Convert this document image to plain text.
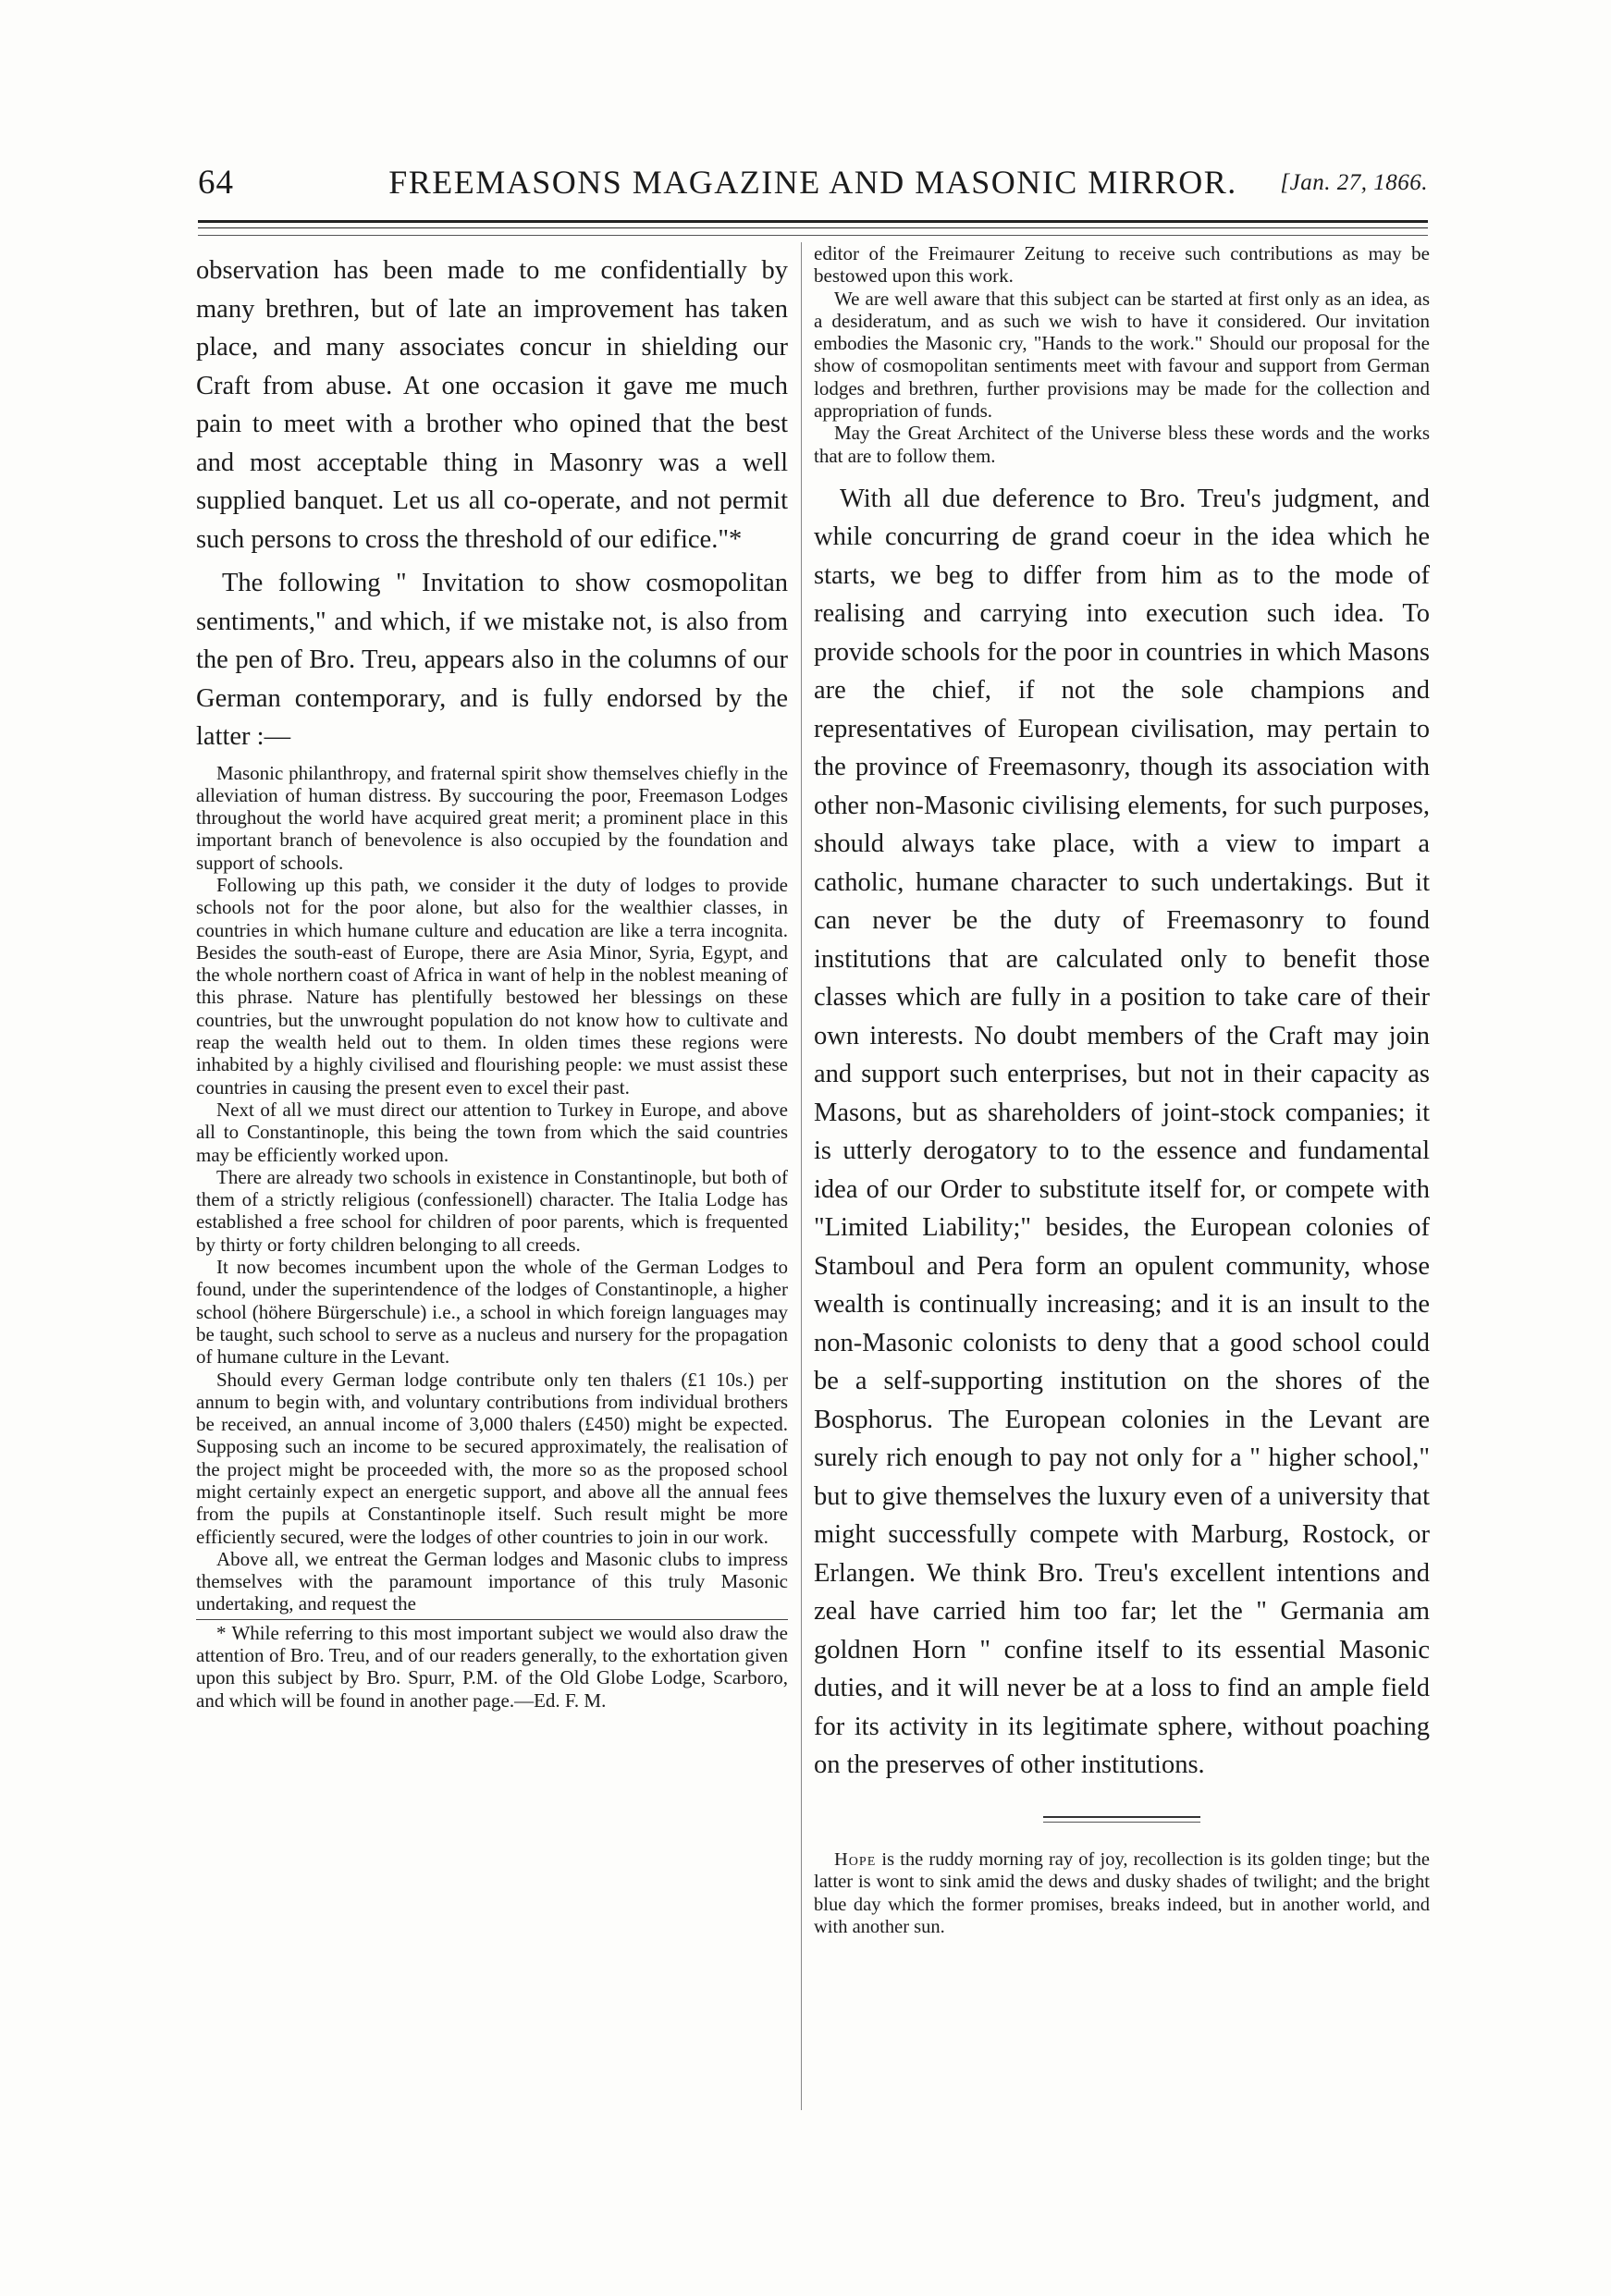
64	FREEMASONS MAGAZINE AND MASONIC MIRROR.	[Jan. 27, 1866.

observation has been made to me confidentially by many brethren, but of late an improvement has taken place, and many associates concur in shielding our Craft from abuse. At one occasion it gave me much pain to meet with a brother who opined that the best and most acceptable thing in Masonry was a well supplied banquet. Let us all co-operate, and not permit such persons to cross the threshold of our edifice."*

The following " Invitation to show cosmopolitan sentiments," and which, if we mistake not, is also from the pen of Bro. Treu, appears also in the columns of our German contemporary, and is fully endorsed by the latter :—

Masonic philanthropy, and fraternal spirit show themselves chiefly in the alleviation of human distress. By succouring the poor, Freemason Lodges throughout the world have acquired great merit; a prominent place in this important branch of benevolence is also occupied by the foundation and support of schools.

Following up this path, we consider it the duty of lodges to provide schools not for the poor alone, but also for the wealthier classes, in countries in which humane culture and education are like a terra incognita. Besides the south-east of Europe, there are Asia Minor, Syria, Egypt, and the whole northern coast of Africa in want of help in the noblest meaning of this phrase. Nature has plentifully bestowed her blessings on these countries, but the unwrought population do not know how to cultivate and reap the wealth held out to them. In olden times these regions were inhabited by a highly civilised and flourishing people: we must assist these countries in causing the present even to excel their past.

Next of all we must direct our attention to Turkey in Europe, and above all to Constantinople, this being the town from which the said countries may be efficiently worked upon.

There are already two schools in existence in Constantinople, but both of them of a strictly religious (confessionell) character. The Italia Lodge has established a free school for children of poor parents, which is frequented by thirty or forty children belonging to all creeds.

It now becomes incumbent upon the whole of the German Lodges to found, under the superintendence of the lodges of Constantinople, a higher school (höhere Bürgerschule) i.e., a school in which foreign languages may be taught, such school to serve as a nucleus and nursery for the propagation of humane culture in the Levant.

Should every German lodge contribute only ten thalers (£1 10s.) per annum to begin with, and voluntary contributions from individual brothers be received, an annual income of 3,000 thalers (£450) might be expected. Supposing such an income to be secured approximately, the realisation of the project might be proceeded with, the more so as the proposed school might certainly expect an energetic support, and above all the annual fees from the pupils at Constantinople itself. Such result might be more efficiently secured, were the lodges of other countries to join in our work.

Above all, we entreat the German lodges and Masonic clubs to impress themselves with the paramount importance of this truly Masonic undertaking, and request the

* While referring to this most important subject we would also draw the attention of Bro. Treu, and of our readers generally, to the exhortation given upon this subject by Bro. Spurr, P.M. of the Old Globe Lodge, Scarboro, and which will be found in another page.—Ed. F. M.

editor of the Freimaurer Zeitung to receive such contributions as may be bestowed upon this work.

We are well aware that this subject can be started at first only as an idea, as a desideratum, and as such we wish to have it considered. Our invitation embodies the Masonic cry, "Hands to the work." Should our proposal for the show of cosmopolitan sentiments meet with favour and support from German lodges and brethren, further provisions may be made for the collection and appropriation of funds.

May the Great Architect of the Universe bless these words and the works that are to follow them.

With all due deference to Bro. Treu's judgment, and while concurring de grand coeur in the idea which he starts, we beg to differ from him as to the mode of realising and carrying into execution such idea. To provide schools for the poor in countries in which Masons are the chief, if not the sole champions and representatives of European civilisation, may pertain to the province of Freemasonry, though its association with other non-Masonic civilising elements, for such purposes, should always take place, with a view to impart a catholic, humane character to such undertakings. But it can never be the duty of Freemasonry to found institutions that are calculated only to benefit those classes which are fully in a position to take care of their own interests. No doubt members of the Craft may join and support such enterprises, but not in their capacity as Masons, but as shareholders of joint-stock companies; it is utterly derogatory to to the essence and fundamental idea of our Order to substitute itself for, or compete with "Limited Liability;" besides, the European colonies of Stamboul and Pera form an opulent community, whose wealth is continually increasing; and it is an insult to the non-Masonic colonists to deny that a good school could be a self-supporting institution on the shores of the Bosphorus. The European colonies in the Levant are surely rich enough to pay not only for a " higher school," but to give themselves the luxury even of a university that might successfully compete with Marburg, Rostock, or Erlangen. We think Bro. Treu's excellent intentions and zeal have carried him too far; let the " Germania am goldnen Horn " confine itself to its essential Masonic duties, and it will never be at a loss to find an ample field for its activity in its legitimate sphere, without poaching on the preserves of other institutions.

Hope is the ruddy morning ray of joy, recollection is its golden tinge; but the latter is wont to sink amid the dews and dusky shades of twilight; and the bright blue day which the former promises, breaks indeed, but in another world, and with another sun.
